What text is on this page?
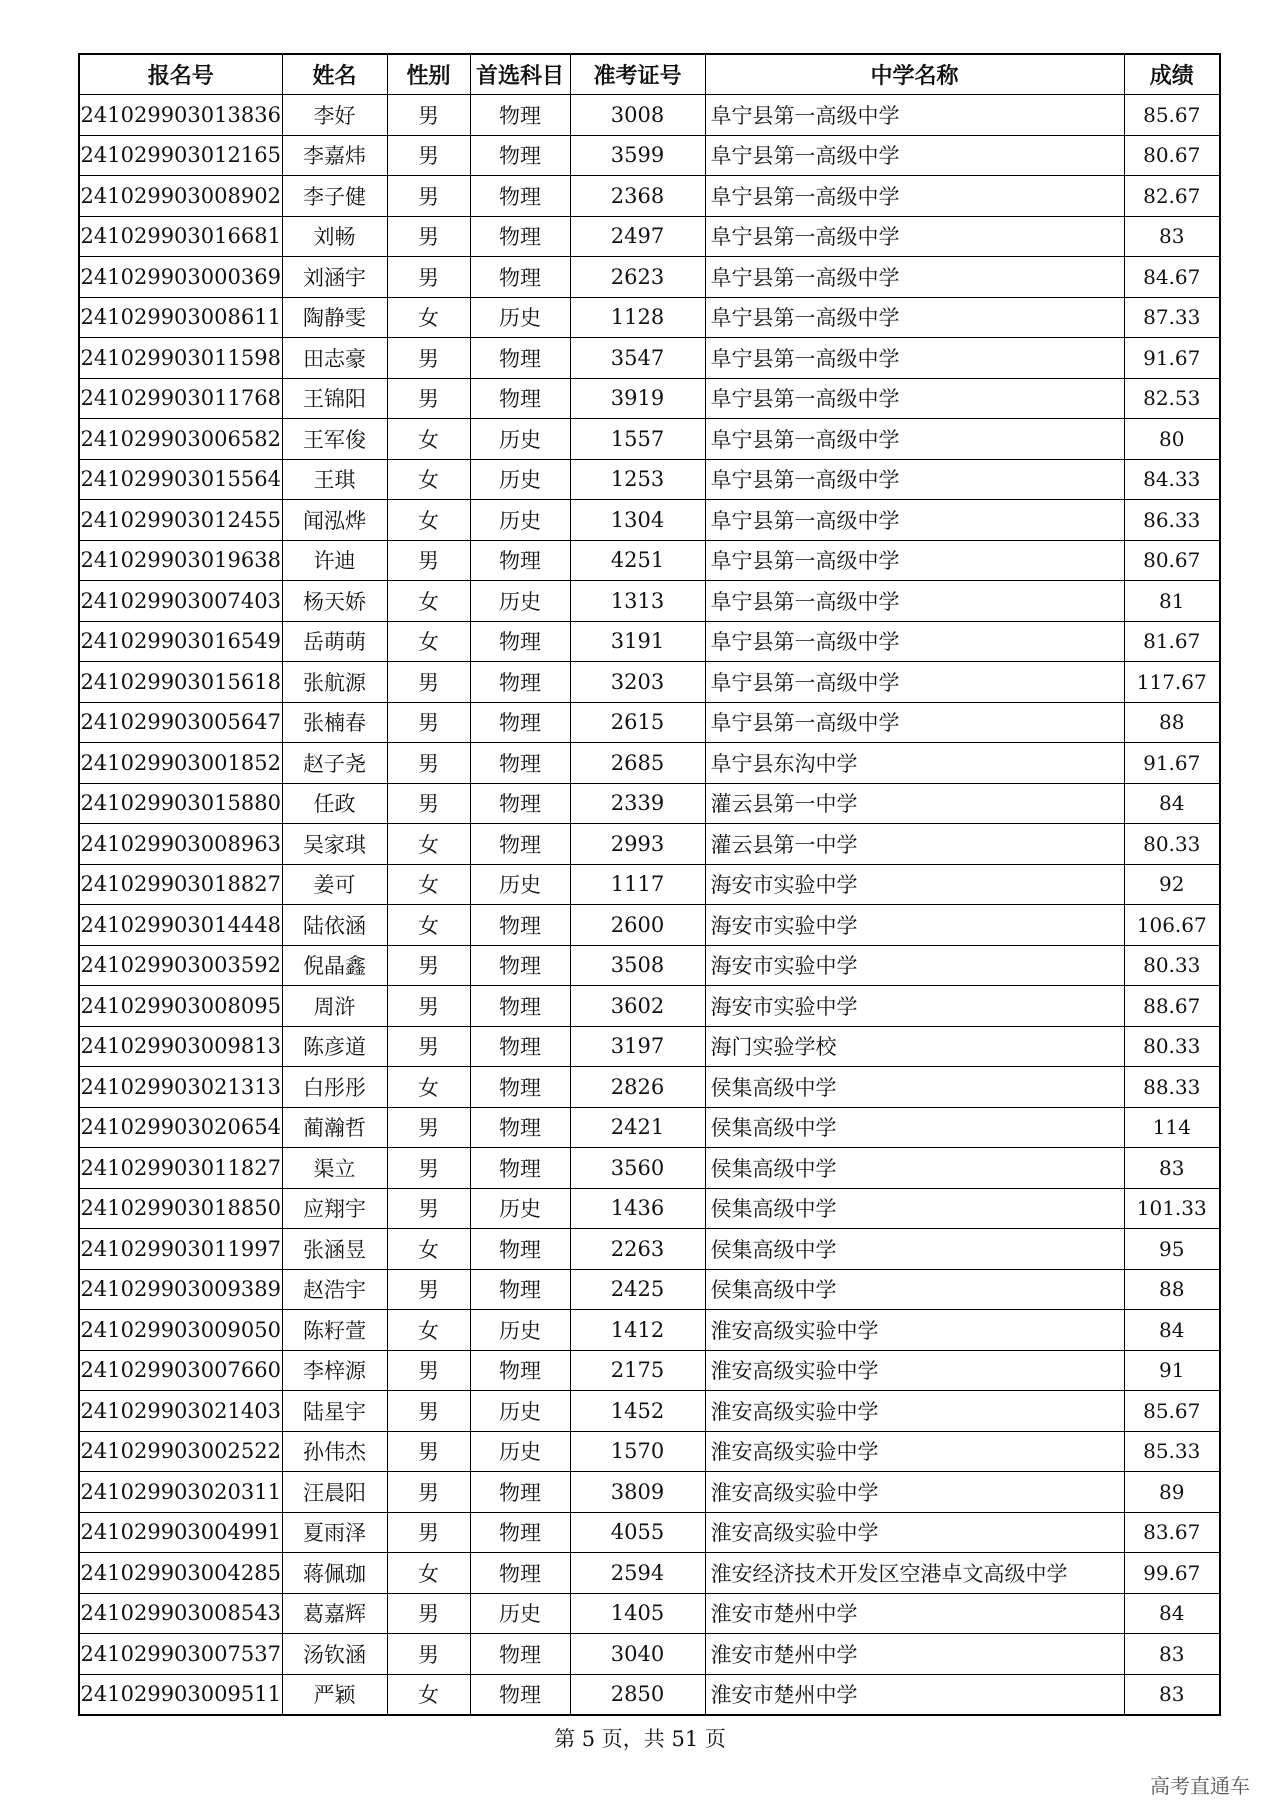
报名号	姓名	性别	首选科目	准考证号	中学名称	成绩
241029903013836	李好	男	物理	3008	阜宁县第一高级中学	85.67
241029903012165	李嘉炜	男	物理	3599	阜宁县第一高级中学	80.67
241029903008902	李子健	男	物理	2368	阜宁县第一高级中学	82.67
241029903016681	刘畅	男	物理	2497	阜宁县第一高级中学	83
241029903000369	刘涵宇	男	物理	2623	阜宁县第一高级中学	84.67
241029903008611	陶静雯	女	历史	1128	阜宁县第一高级中学	87.33
241029903011598	田志豪	男	物理	3547	阜宁县第一高级中学	91.67
241029903011768	王锦阳	男	物理	3919	阜宁县第一高级中学	82.53
241029903006582	王军俊	女	历史	1557	阜宁县第一高级中学	80
241029903015564	王琪	女	历史	1253	阜宁县第一高级中学	84.33
241029903012455	闻泓烨	女	历史	1304	阜宁县第一高级中学	86.33
241029903019638	许迪	男	物理	4251	阜宁县第一高级中学	80.67
241029903007403	杨天娇	女	历史	1313	阜宁县第一高级中学	81
241029903016549	岳萌萌	女	物理	3191	阜宁县第一高级中学	81.67
241029903015618	张航源	男	物理	3203	阜宁县第一高级中学	117.67
241029903005647	张楠春	男	物理	2615	阜宁县第一高级中学	88
241029903001852	赵子尧	男	物理	2685	阜宁县东沟中学	91.67
241029903015880	任政	男	物理	2339	灌云县第一中学	84
241029903008963	吴家琪	女	物理	2993	灌云县第一中学	80.33
241029903018827	姜可	女	历史	1117	海安市实验中学	92
241029903014448	陆依涵	女	物理	2600	海安市实验中学	106.67
241029903003592	倪晶鑫	男	物理	3508	海安市实验中学	80.33
241029903008095	周浒	男	物理	3602	海安市实验中学	88.67
241029903009813	陈彦道	男	物理	3197	海门实验学校	80.33
241029903021313	白彤彤	女	物理	2826	侯集高级中学	88.33
241029903020654	蔺瀚哲	男	物理	2421	侯集高级中学	114
241029903011827	渠立	男	物理	3560	侯集高级中学	83
241029903018850	应翔宇	男	历史	1436	侯集高级中学	101.33
241029903011997	张涵昱	女	物理	2263	侯集高级中学	95
241029903009389	赵浩宇	男	物理	2425	侯集高级中学	88
241029903009050	陈籽萱	女	历史	1412	淮安高级实验中学	84
241029903007660	李梓源	男	物理	2175	淮安高级实验中学	91
241029903021403	陆星宇	男	历史	1452	淮安高级实验中学	85.67
241029903002522	孙伟杰	男	历史	1570	淮安高级实验中学	85.33
241029903020311	汪晨阳	男	物理	3809	淮安高级实验中学	89
241029903004991	夏雨泽	男	物理	4055	淮安高级实验中学	83.67
241029903004285	蒋佩珈	女	物理	2594	淮安经济技术开发区空港卓文高级中学	99.67
241029903008543	葛嘉辉	男	历史	1405	淮安市楚州中学	84
241029903007537	汤钦涵	男	物理	3040	淮安市楚州中学	83
241029903009511	严颖	女	物理	2850	淮安市楚州中学	83
第 5 页，共 51 页
高考直通车
